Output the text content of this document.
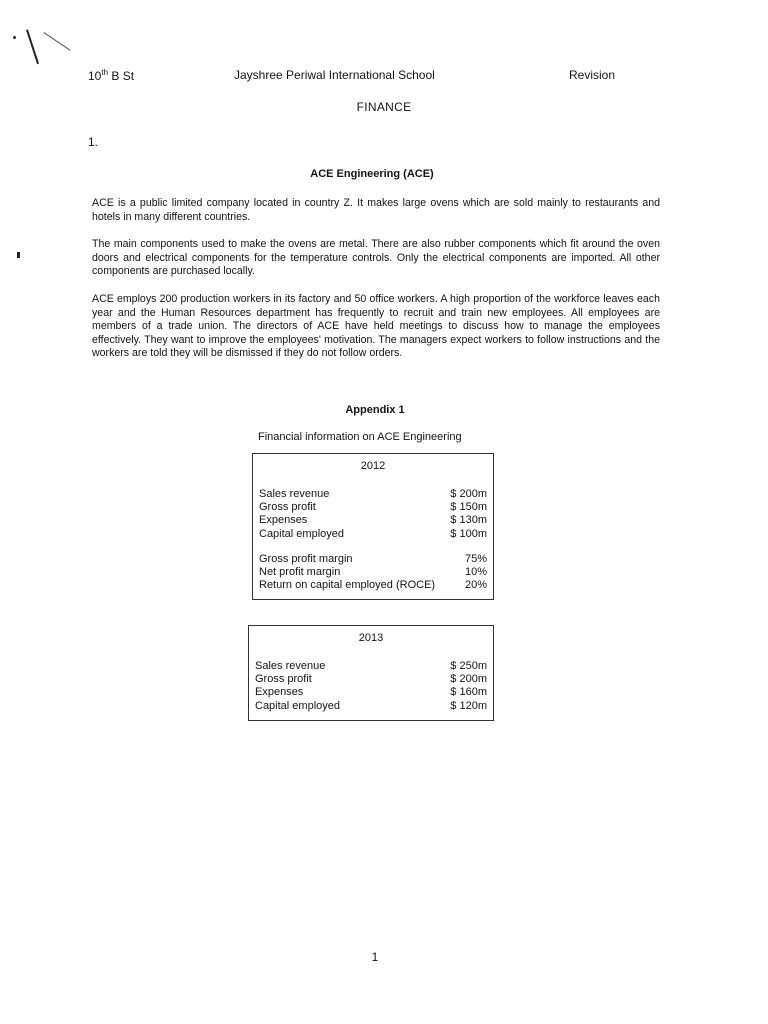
10th B St	Jayshree Periwal International School	Revision
FINANCE
1.
ACE Engineering (ACE)

ACE is a public limited company located in country Z. It makes large ovens which are sold mainly to restaurants and hotels in many different countries.

The main components used to make the ovens are metal. There are also rubber components which fit around the oven doors and electrical components for the temperature controls. Only the electrical components are imported. All other components are purchased locally.

ACE employs 200 production workers in its factory and 50 office workers. A high proportion of the workforce leaves each year and the Human Resources department has frequently to recruit and train new employees. All employees are members of a trade union. The directors of ACE have held meetings to discuss how to manage the employees effectively. They want to improve the employees' motivation. The managers expect workers to follow instructions and the workers are told they will be dismissed if they do not follow orders.

Appendix 1
Financial information on ACE Engineering
2012
Sales revenue	$ 200m
Gross profit	$ 150m
Expenses	$ 130m
Capital employed	$ 100m
Gross profit margin	75%
Net profit margin	10%
Return on capital employed (ROCE)	20%
2013
Sales revenue	$ 250m
Gross profit	$ 200m
Expenses	$ 160m
Capital employed	$ 120m
1
